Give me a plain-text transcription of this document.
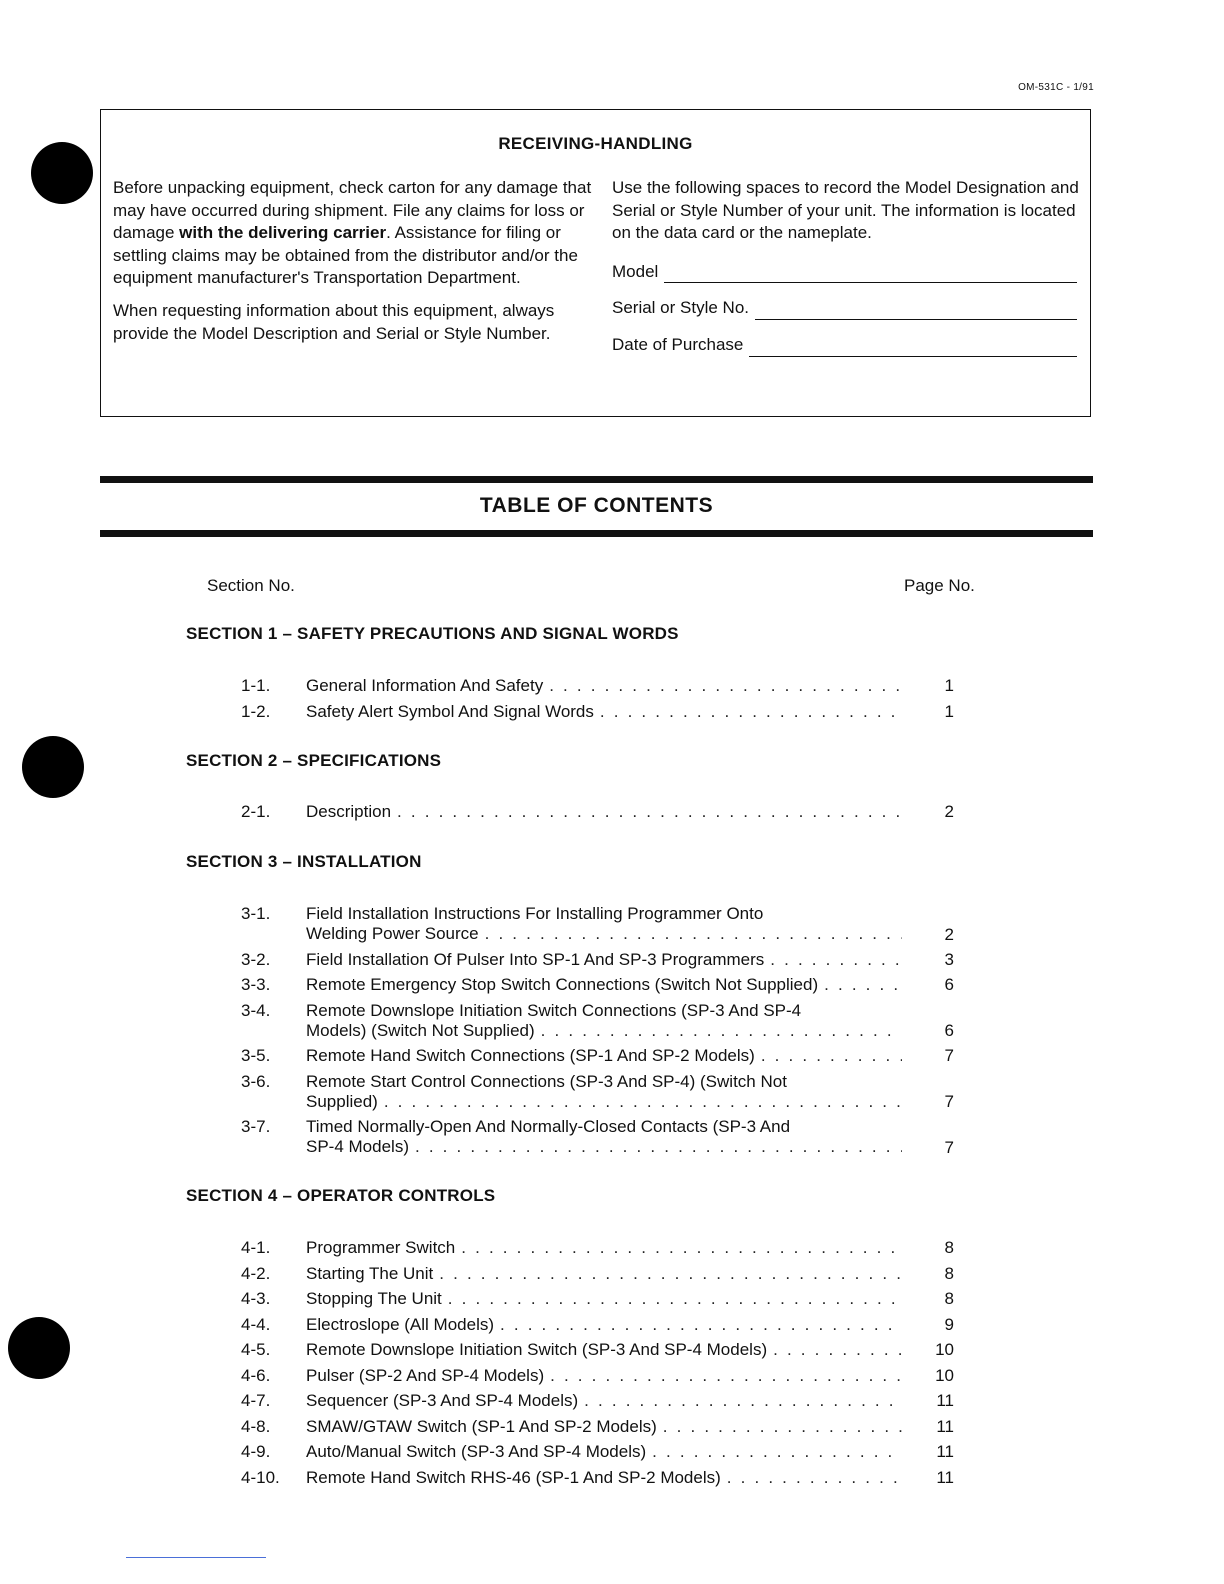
OM-531C - 1/91
RECEIVING-HANDLING

Before unpacking equipment, check carton for any damage that may have occurred during shipment. File any claims for loss or damage with the delivering carrier. Assistance for filing or settling claims may be obtained from the distributor and/or the equipment manufacturer's Transportation Department.

When requesting information about this equipment, always provide the Model Description and Serial or Style Number.

Use the following spaces to record the Model Designation and Serial or Style Number of your unit. The information is located on the data card or the nameplate.

Model
Serial or Style No.
Date of Purchase
TABLE OF CONTENTS
Section No.	Page No.
SECTION 1 – SAFETY PRECAUTIONS AND SIGNAL WORDS
1-1. General Information And Safety . . .	1
1-2. Safety Alert Symbol And Signal Words . . .	1
SECTION 2 – SPECIFICATIONS
2-1. Description . . .	2
SECTION 3 – INSTALLATION
3-1. Field Installation Instructions For Installing Programmer Onto
Welding Power Source . . .	2
3-2. Field Installation Of Pulser Into SP-1 And SP-3 Programmers . . .	3
3-3. Remote Emergency Stop Switch Connections (Switch Not Supplied) . . .	6
3-4. Remote Downslope Initiation Switch Connections (SP-3 And SP-4
Models) (Switch Not Supplied) . . .	6
3-5. Remote Hand Switch Connections (SP-1 And SP-2 Models) . . .	7
3-6. Remote Start Control Connections (SP-3 And SP-4) (Switch Not
Supplied) . . .	7
3-7. Timed Normally-Open And Normally-Closed Contacts (SP-3 And
SP-4 Models) . . .	7
SECTION 4 – OPERATOR CONTROLS
4-1. Programmer Switch . . .	8
4-2. Starting The Unit . . .	8
4-3. Stopping The Unit . . .	8
4-4. Electroslope (All Models) . . .	9
4-5. Remote Downslope Initiation Switch (SP-3 And SP-4 Models) . . .	10
4-6. Pulser (SP-2 And SP-4 Models) . . .	10
4-7. Sequencer (SP-3 And SP-4 Models) . . .	11
4-8. SMAW/GTAW Switch (SP-1 And SP-2 Models) . . .	11
4-9. Auto/Manual Switch (SP-3 And SP-4 Models) . . .	11
4-10. Remote Hand Switch RHS-46 (SP-1 And SP-2 Models) . . .	11
